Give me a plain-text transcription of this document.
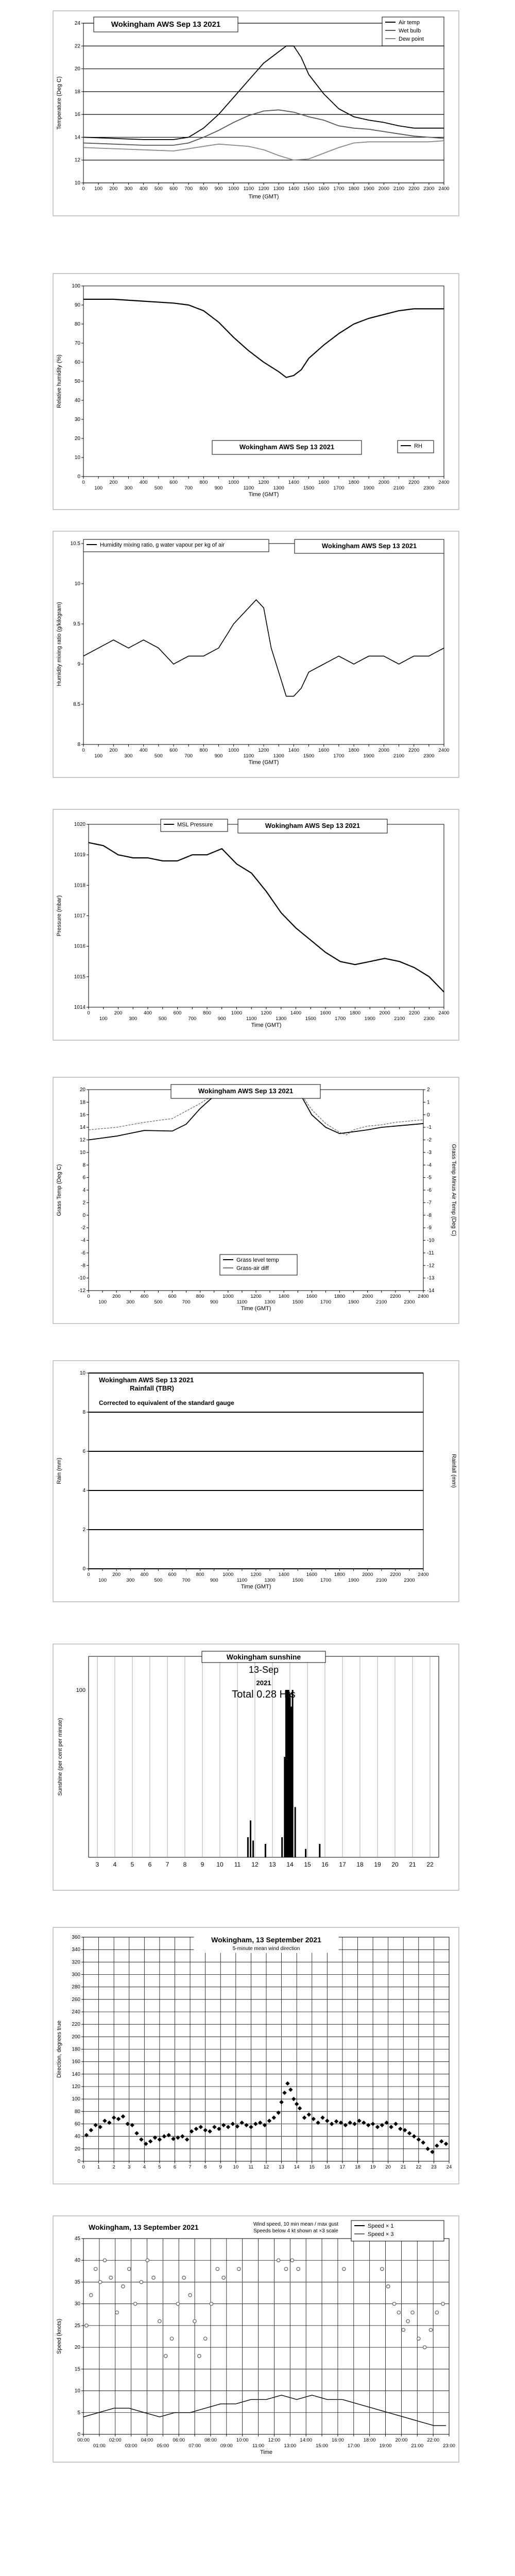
10
12
14
16
18
20
22
24
0 100 200 300 400 500 600 700 800 900 1000 1100 1200 1300 1400 1500 1600 1700 1800 1900 2000 2100 2200 2300 2400
Time (GMT)
Temperature (Deg C)
Wokingham AWS Sep 13 2021	Air temp
Wet bulb
Dew point
0
10
20
30
40
50
60
70
80
90
100
0
100
200
300
400
500
600
700
800
900
1000
1100
1200
1300
1400
1500
1600
1700
1800
1900
2000
2100
2200
2300
2400
Time (GMT)
Relative humidity (%)
Wokingham AWS Sep 13 2021	RH
8
8.5
9
9.5
10
10.5
0
100
200
300
400
500
600
700
800
900
1000
1100
1200
1300
1400
1500
1600
1700
1800
1900
2000
2100
2200
2300
2400
Time (GMT)
Humidity mixing ratio (g/kilogram)
Humidity mixing ratio, g water vapour per kg of air	Wokingham AWS Sep 13 2021
1014
1015
1016
1017
1018
1019
1020
0
100
200
300
400
500
600
700
800
900
1000
1100
1200
1300
1400
1500
1600
1700
1800
1900
2000
2100
2200
2300
2400
Time (GMT)
Pressure (mbar)
MSL Pressure	Wokingham AWS Sep 13 2021
-12
-10
-8
-6
-4
-2
0
2
4
6
8
10
12
14
16
18
20
0
100
200
300
400
500
600
700
800
900
1000
1100
1200
1300
1400
1500
1600
1700
1800
1900
2000
2100
2200
2300
2400
Time (GMT)
Grass Temp (Deg C)
-14
-13
-12
-11
-10
-9
-8
-7
-6
-5
-4
-3
-2
-1
0
1
2
Grass Temp Minus Air Temp (Deg C)
Wokingham AWS Sep 13 2021
Grass level temp
Grass-air diff
0
2
4
6
8
10
0
100
200
300
400
500
600
700
800
900
1000
1100
1200
1300
1400
1500
1600
1700
1800
1900
2000
2100
2200
2300
2400
Time (GMT)
Rain (mm)	Rainfall (mm)
Wokingham AWS Sep 13 2021
Rainfall (TBR)
Corrected to equivalent of the standard gauge
3 4 5 6 7 8 9 10 11 12 13 14 15 16 17 18 19 20 21 22
100
Sunshine (per cent per minute)
Wokingham sunshine
13-Sep
2021
Total 0.28 Hrs
0
20
40
60
80
100
120
140
160
180
200
220
240
260
280
300
320
340
360
0	1	2	3	4	5	6	7	8	9 10 11 12 13 14 15 16 17 18 19 20 21 22 23 24
Direction, degrees true
Wokingham, 13 September 2021
5-minute mean wind direction
0
5
10
15
20
25
30
35
40
45
00:00
01:00
02:00
03:00
04:00
05:00
06:00
07:00
08:00
09:00
10:00
11:00
12:00
13:00
14:00
15:00
16:00
17:00
18:00
19:00
20:00
21:00
22:00
23:00
Time
Speed (knots)
Wokingham, 13 September 2021	Wind speed, 10 min mean / max gust
Speeds below 4 kt shown at ×3 scale
Speed × 1
Speed × 3
